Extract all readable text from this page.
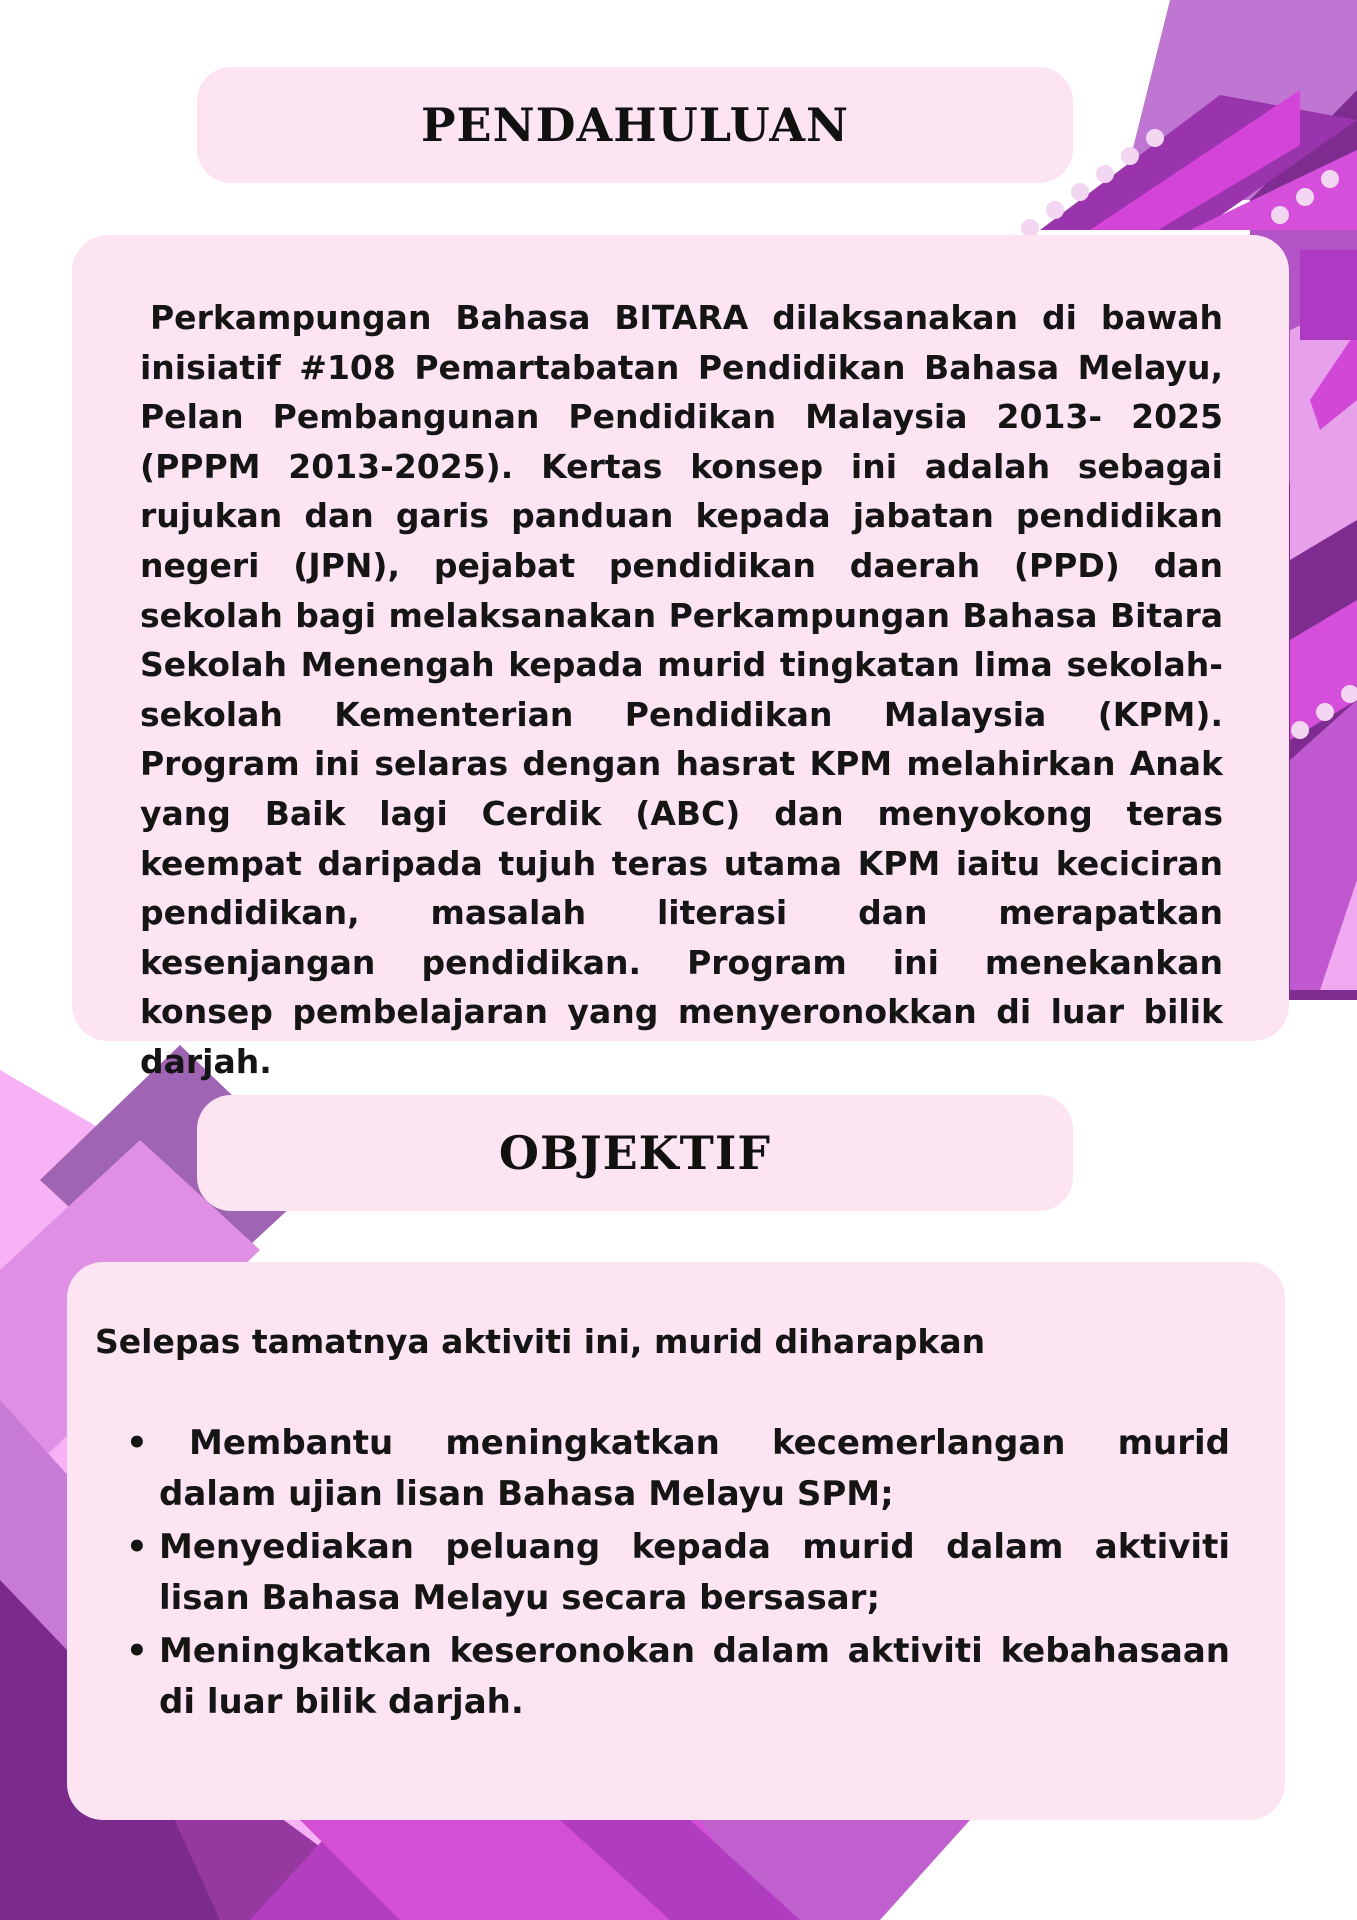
PENDAHULUAN

Perkampungan Bahasa BITARA dilaksanakan di bawah inisiatif #108 Pemartabatan Pendidikan Bahasa Melayu, Pelan Pembangunan Pendidikan Malaysia 2013- 2025 (PPPM 2013-2025). Kertas konsep ini adalah sebagai rujukan dan garis panduan kepada jabatan pendidikan negeri (JPN), pejabat pendidikan daerah (PPD) dan sekolah bagi melaksanakan Perkampungan Bahasa Bitara Sekolah Menengah kepada murid tingkatan lima sekolah- sekolah Kementerian Pendidikan Malaysia (KPM). Program ini selaras dengan hasrat KPM melahirkan Anak yang Baik lagi Cerdik (ABC) dan menyokong teras keempat daripada tujuh teras utama KPM iaitu keciciran pendidikan, masalah literasi dan merapatkan kesenjangan pendidikan. Program ini menekankan konsep pembelajaran yang menyeronokkan di luar bilik darjah.

OBJEKTIF

Selepas tamatnya aktiviti ini, murid diharapkan

•	Membantu meningkatkan kecemerlangan murid dalam ujian lisan Bahasa Melayu SPM;
• Menyediakan peluang kepada murid dalam aktiviti lisan Bahasa Melayu secara bersasar;
• Meningkatkan keseronokan dalam aktiviti kebahasaan di luar bilik darjah.
